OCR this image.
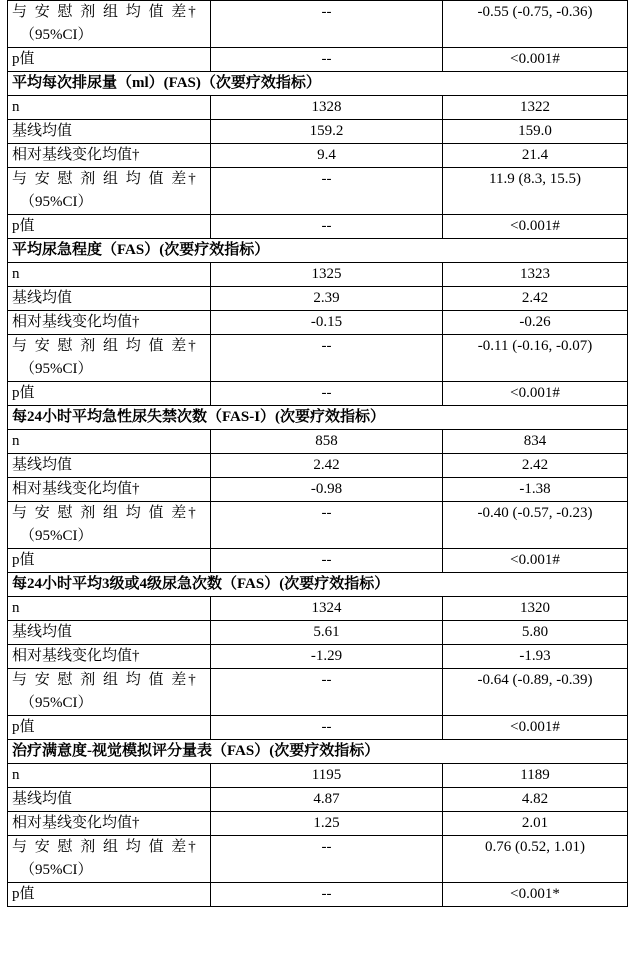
与 安 慰 剂 组 均 值 差†
（95%CI）	--	-0.55 (-0.75, -0.36)
p值	--	<0.001#
平均每次排尿量（ml）(FAS)（次要疗效指标）		
n	1328	1322
基线均值	159.2	159.0
相对基线变化均值†	9.4	21.4

与 安 慰 剂 组 均 值 差†
（95%CI）	--	11.9 (8.3, 15.5)
p值	--	<0.001#
平均尿急程度（FAS）(次要疗效指标）		
n	1325	1323
基线均值	2.39	2.42
相对基线变化均值†	-0.15	-0.26

与 安 慰 剂 组 均 值 差†
（95%CI）	--	-0.11 (-0.16, -0.07)
p值	--	<0.001#
每24小时平均急性尿失禁次数（FAS-I）(次要疗效指标）		
n	858	834
基线均值	2.42	2.42
相对基线变化均值†	-0.98	-1.38

与 安 慰 剂 组 均 值 差†
（95%CI）	--	-0.40 (-0.57, -0.23)
p值	--	<0.001#
每24小时平均3级或4级尿急次数（FAS）(次要疗效指标）		
n	1324	1320
基线均值	5.61	5.80
相对基线变化均值†	-1.29	-1.93

与 安 慰 剂 组 均 值 差†
（95%CI）	--	-0.64 (-0.89, -0.39)
p值	--	<0.001#
治疗满意度-视觉模拟评分量表（FAS）(次要疗效指标）		
n	1195	1189
基线均值	4.87	4.82
相对基线变化均值†	1.25	2.01

与 安 慰 剂 组 均 值 差†
（95%CI）	--	0.76 (0.52, 1.01)
p值	--	<0.001*
